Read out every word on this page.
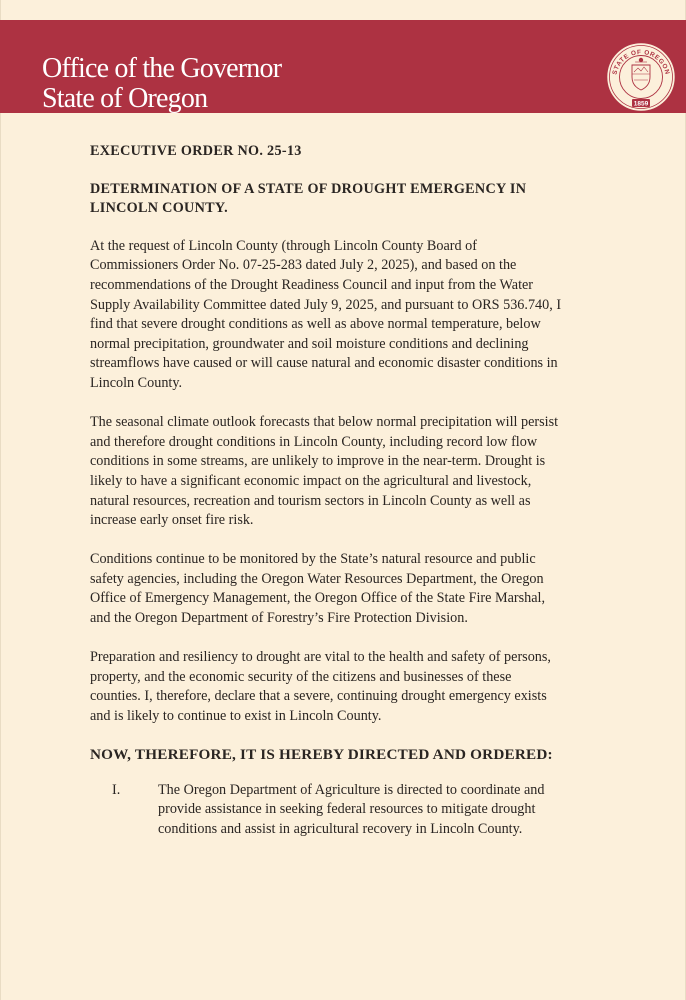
Office of the Governor
State of Oregon
STATE OF OREGON
1859
EXECUTIVE ORDER NO. 25-13
DETERMINATION OF A STATE OF DROUGHT EMERGENCY IN LINCOLN COUNTY.
At the request of Lincoln County (through Lincoln County Board of
Commissioners Order No. 07-25-283 dated July 2, 2025), and based on the
recommendations of the Drought Readiness Council and input from the Water
Supply Availability Committee dated July 9, 2025, and pursuant to ORS 536.740, I
find that severe drought conditions as well as above normal temperature, below
normal precipitation, groundwater and soil moisture conditions and declining
streamflows have caused or will cause natural and economic disaster conditions in
Lincoln County.
The seasonal climate outlook forecasts that below normal precipitation will persist
and therefore drought conditions in Lincoln County, including record low flow
conditions in some streams, are unlikely to improve in the near-term. Drought is
likely to have a significant economic impact on the agricultural and livestock,
natural resources, recreation and tourism sectors in Lincoln County as well as
increase early onset fire risk.
Conditions continue to be monitored by the State’s natural resource and public
safety agencies, including the Oregon Water Resources Department, the Oregon
Office of Emergency Management, the Oregon Office of the State Fire Marshal,
and the Oregon Department of Forestry’s Fire Protection Division.
Preparation and resiliency to drought are vital to the health and safety of persons,
property, and the economic security of the citizens and businesses of these
counties. I, therefore, declare that a severe, continuing drought emergency exists
and is likely to continue to exist in Lincoln County.
NOW, THEREFORE, IT IS HEREBY DIRECTED AND ORDERED:
I.	The Oregon Department of Agriculture is directed to coordinate and
provide assistance in seeking federal resources to mitigate drought
conditions and assist in agricultural recovery in Lincoln County.
